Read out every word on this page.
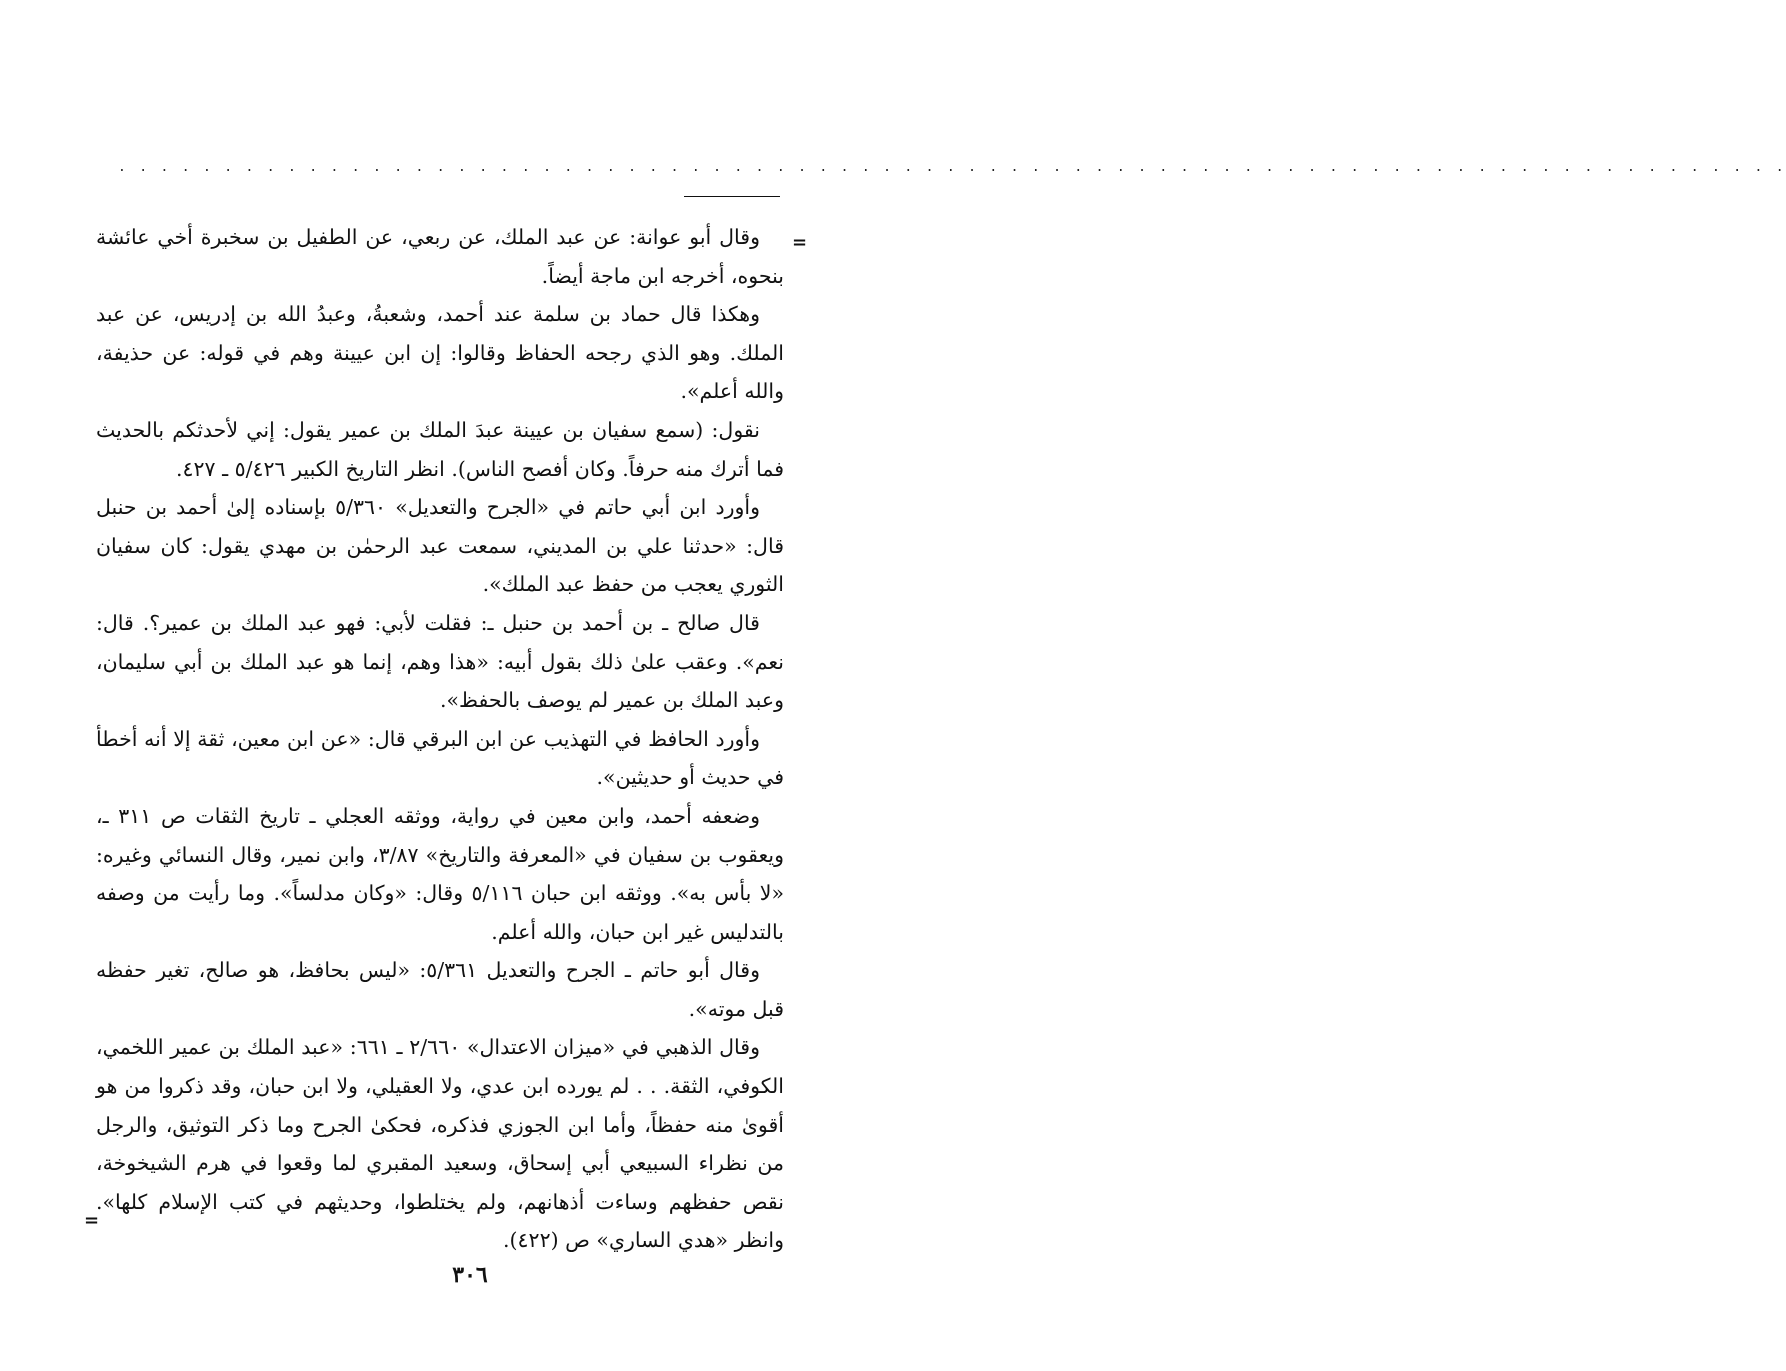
. . . . . . . . . . . . . . . . . . . . . . . . . . . . . . . . . . . . . . . . . . . . . . . . . . . . . . . . . . . . . . . . . . . . . . . . . . . . . . .
=

وقال أبو عوانة: عن عبد الملك، عن ربعي، عن الطفيل بن سخبرة أخي عائشة بنحوه، أخرجه ابن ماجة أيضاً.

وهكذا قال حماد بن سلمة عند أحمد، وشعبةُ، وعبدُ الله بن إدريس، عن عبد الملك. وهو الذي رجحه الحفاظ وقالوا: إن ابن عيينة وهم في قوله: عن حذيفة، والله أعلم».

نقول: (سمع سفيان بن عيينة عبدَ الملك بن عمير يقول: إني لأحدثكم بالحديث فما أترك منه حرفاً. وكان أفصح الناس). انظر التاريخ الكبير ٥/٤٢٦ ـ ٤٢٧.

وأورد ابن أبي حاتم في «الجرح والتعديل» ٥/٣٦٠ بإسناده إلىٰ أحمد بن حنبل قال: «حدثنا علي بن المديني، سمعت عبد الرحمٰن بن مهدي يقول: كان سفيان الثوري يعجب من حفظ عبد الملك».

قال صالح ـ بن أحمد بن حنبل ـ: فقلت لأبي: فهو عبد الملك بن عمير؟. قال: نعم». وعقب علىٰ ذلك بقول أبيه: «هذا وهم، إنما هو عبد الملك بن أبي سليمان، وعبد الملك بن عمير لم يوصف بالحفظ».

وأورد الحافظ في التهذيب عن ابن البرقي قال: «عن ابن معين، ثقة إلا أنه أخطأ في حديث أو حديثين».

وضعفه أحمد، وابن معين في رواية، ووثقه العجلي ـ تاريخ الثقات ص ٣١١ ـ، ويعقوب بن سفيان في «المعرفة والتاريخ» ٣/٨٧، وابن نمير، وقال النسائي وغيره: «لا بأس به». ووثقه ابن حبان ٥/١١٦ وقال: «وكان مدلساً». وما رأيت من وصفه بالتدليس غير ابن حبان، والله أعلم.

وقال أبو حاتم ـ الجرح والتعديل ٥/٣٦١: «ليس بحافظ، هو صالح، تغير حفظه قبل موته».

وقال الذهبي في «ميزان الاعتدال» ٢/٦٦٠ ـ ٦٦١: «عبد الملك بن عمير اللخمي، الكوفي، الثقة. . . لم يورده ابن عدي، ولا العقيلي، ولا ابن حبان، وقد ذكروا من هو أقوىٰ منه حفظاً، وأما ابن الجوزي فذكره، فحكىٰ الجرح وما ذكر التوثيق، والرجل من نظراء السبيعي أبي إسحاق، وسعيد المقبري لما وقعوا في هرم الشيخوخة، نقص حفظهم وساءت أذهانهم، ولم يختلطوا، وحديثهم في كتب الإسلام كلها». وانظر «هدي الساري» ص (٤٢٢).

=
٣٠٦
